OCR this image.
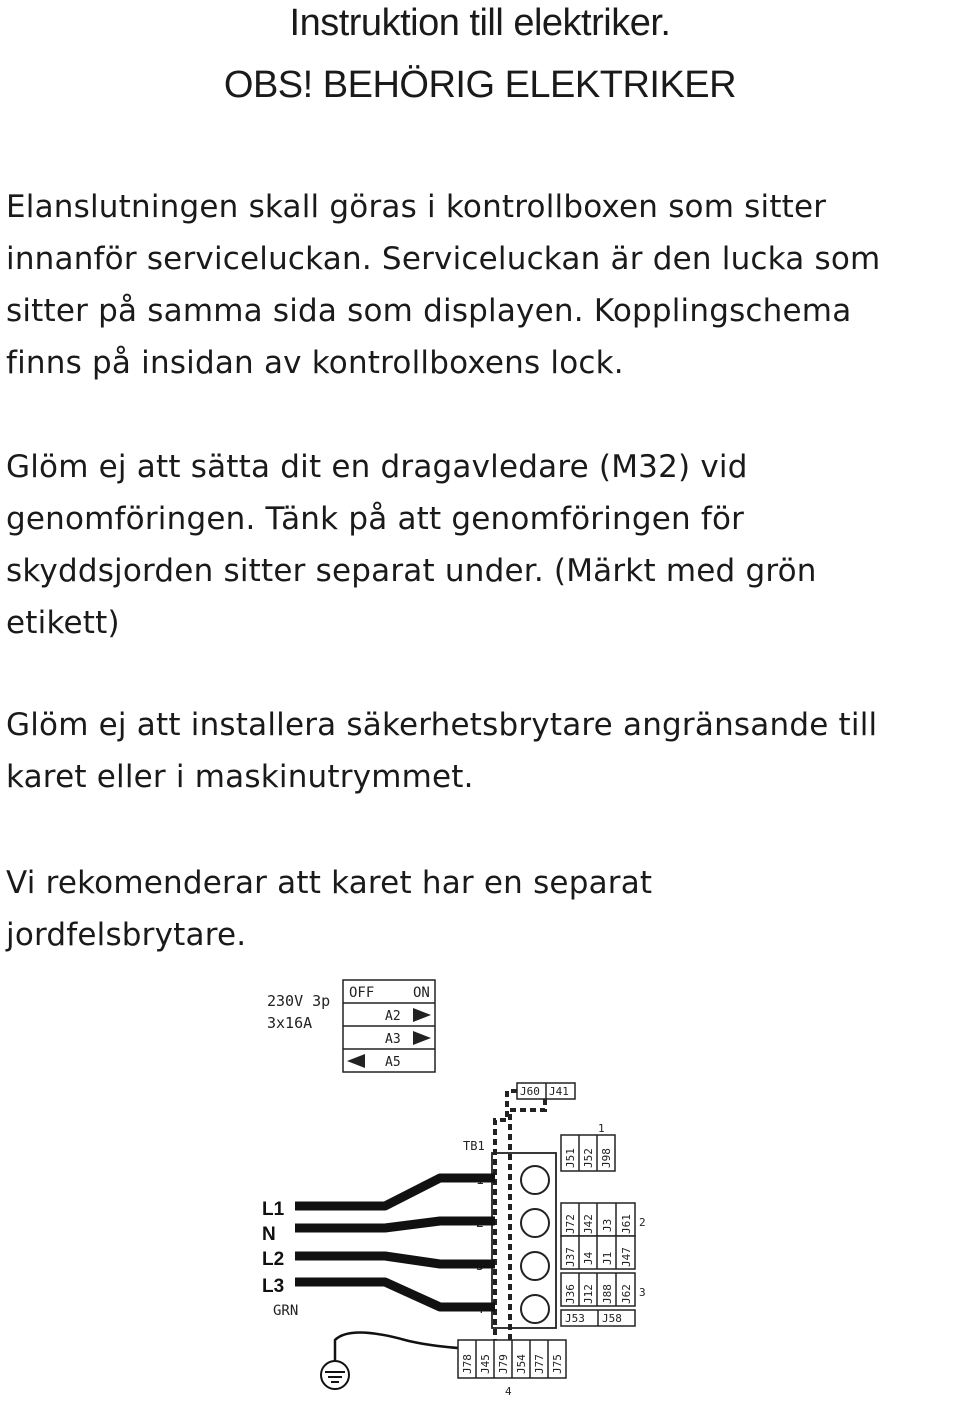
Instruktion till elektriker.
OBS! BEHÖRIG ELEKTRIKER
Elanslutningen skall göras i kontrollboxen som sitter
innanför serviceluckan. Serviceluckan är den lucka som
sitter på samma sida som displayen. Kopplingschema
finns på insidan av kontrollboxens lock.
Glöm ej att sätta dit en dragavledare (M32) vid
genomföringen. Tänk på att genomföringen för
skyddsjorden sitter separat under. (Märkt med grön
etikett)
Glöm ej att installera säkerhetsbrytare angränsande till
karet eller i maskinutrymmet.
Vi rekomenderar att karet har en separat
jordfelsbrytare.
230V 3p
3x16A
OFF	ON
A2
A3
A5
J60 J41
TB1
1
2
3
4
L1
N
L2
L3
GRN
J51 J52 J98
1
J72 J42 J3 J61
J37 J4 J1 J47
J36 J12 J88 J62
J53 J58
2
3
J78 J45 J79 J54 J77 J75
4
